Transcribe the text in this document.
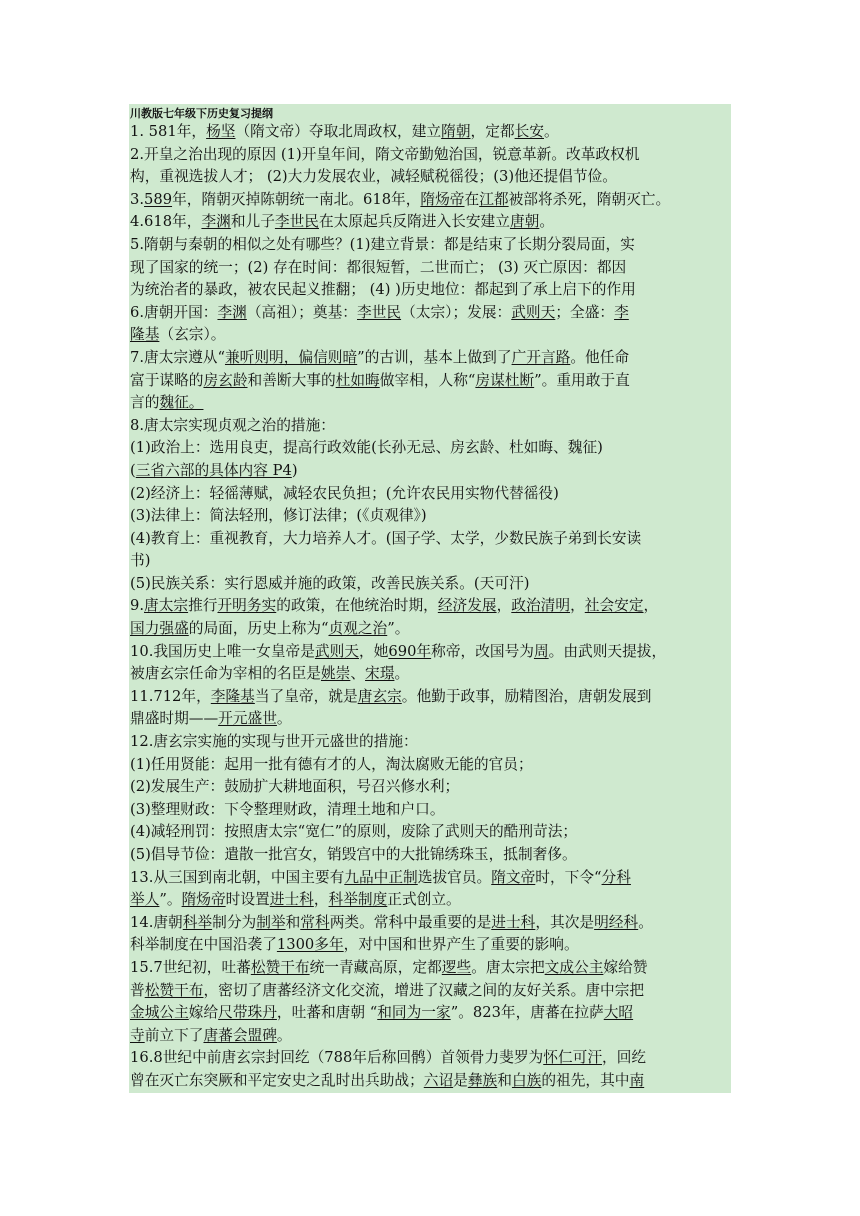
川教版七年级下历史复习提纲
1. 581年，杨坚（隋文帝）夺取北周政权，建立隋朝，定都长安。
2.开皇之治出现的原因 (1)开皇年间，隋文帝勤勉治国，锐意革新。改革政权机
构，重视选拔人才； (2)大力发展农业，减轻赋税徭役；(3)他还提倡节俭。
3.589年，隋朝灭掉陈朝统一南北。618年，隋炀帝在江都被部将杀死，隋朝灭亡。
4.618年，李渊和儿子李世民在太原起兵反隋进入长安建立唐朝。
5.隋朝与秦朝的相似之处有哪些？(1)建立背景：都是结束了长期分裂局面，实
现了国家的统一；(2) 存在时间：都很短暂，二世而亡； (3) 灭亡原因：都因
为统治者的暴政，被农民起义推翻； (4) )历史地位：都起到了承上启下的作用
6.唐朝开国：李渊（高祖）；奠基：李世民（太宗）；发展：武则天；全盛：李
隆基（玄宗）。
7.唐太宗遵从“兼听则明，偏信则暗”的古训，基本上做到了广开言路。他任命
富于谋略的房玄龄和善断大事的杜如晦做宰相，人称“房谋杜断”。重用敢于直
言的魏征。
8.唐太宗实现贞观之治的措施：
(1)政治上：选用良吏，提高行政效能(长孙无忌、房玄龄、杜如晦、魏征)
(三省六部的具体内容 P4)
(2)经济上：轻徭薄赋，减轻农民负担；(允许农民用实物代替徭役)
(3)法律上：简法轻刑，修订法律；(《贞观律》)
(4)教育上：重视教育，大力培养人才。(国子学、太学，少数民族子弟到长安读
书)
(5)民族关系：实行恩威并施的政策，改善民族关系。(天可汗)
9.唐太宗推行开明务实的政策，在他统治时期，经济发展，政治清明，社会安定，
国力强盛的局面，历史上称为“贞观之治”。
10.我国历史上唯一女皇帝是武则天，她690年称帝，改国号为周。由武则天提拔，
被唐玄宗任命为宰相的名臣是姚崇、宋璟。
11.712年，李隆基当了皇帝，就是唐玄宗。他勤于政事，励精图治，唐朝发展到
鼎盛时期——开元盛世。
12.唐玄宗实施的实现与世开元盛世的措施：
(1)任用贤能：起用一批有德有才的人，淘汰腐败无能的官员；
(2)发展生产：鼓励扩大耕地面积，号召兴修水利；
(3)整理财政：下令整理财政，清理土地和户口。
(4)减轻刑罚：按照唐太宗“宽仁”的原则，废除了武则天的酷刑苛法；
(5)倡导节俭：遣散一批宫女，销毁宫中的大批锦绣珠玉，抵制奢侈。
13.从三国到南北朝，中国主要有九品中正制选拔官员。隋文帝时，下令“分科
举人”。隋炀帝时设置进士科，科举制度正式创立。
14.唐朝科举制分为制举和常科两类。常科中最重要的是进士科，其次是明经科。
科举制度在中国沿袭了1300多年，对中国和世界产生了重要的影响。
15.7世纪初，吐蕃松赞干布统一青藏高原，定都逻些。唐太宗把文成公主嫁给赞
普松赞干布，密切了唐蕃经济文化交流，增进了汉藏之间的友好关系。唐中宗把
金城公主嫁给尺带珠丹，吐蕃和唐朝 “和同为一家”。823年，唐蕃在拉萨大昭
寺前立下了唐蕃会盟碑。
16.8世纪中前唐玄宗封回纥（788年后称回鹘）首领骨力斐罗为怀仁可汗，回纥
曾在灭亡东突厥和平定安史之乱时出兵助战；六诏是彝族和白族的祖先，其中南
